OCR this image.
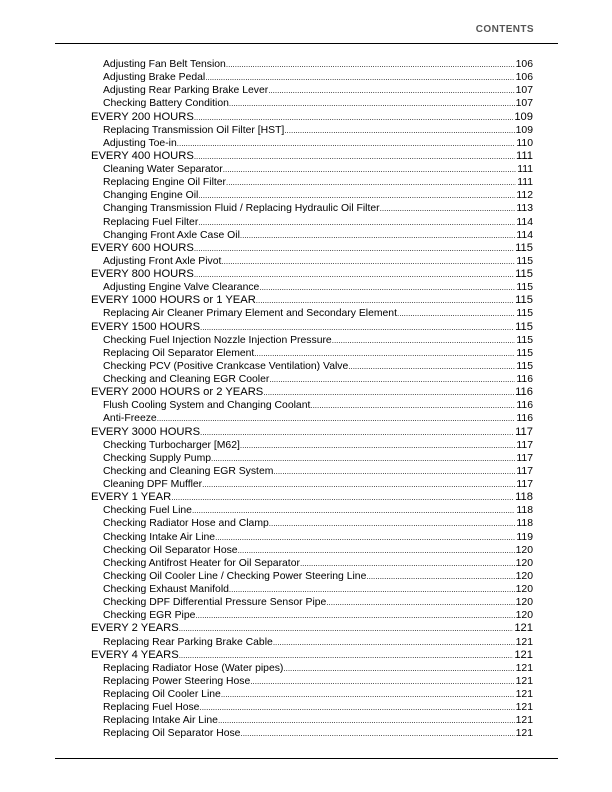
CONTENTS
Adjusting Fan Belt Tension .....	106
Adjusting Brake Pedal .....	106
Adjusting Rear Parking Brake Lever .....	107
Checking Battery Condition .....	107
EVERY 200 HOURS .....	109
Replacing Transmission Oil Filter [HST] .....	109
Adjusting Toe-in .....	110
EVERY 400 HOURS .....	111
Cleaning Water Separator .....	111
Replacing Engine Oil Filter .....	111
Changing Engine Oil .....	112
Changing Transmission Fluid / Replacing Hydraulic Oil Filter .....	113
Replacing Fuel Filter .....	114
Changing Front Axle Case Oil .....	114
EVERY 600 HOURS .....	115
Adjusting Front Axle Pivot .....	115
EVERY 800 HOURS .....	115
Adjusting Engine Valve Clearance .....	115
EVERY 1000 HOURS or 1 YEAR .....	115
Replacing Air Cleaner Primary Element and Secondary Element .....	115
EVERY 1500 HOURS .....	115
Checking Fuel Injection Nozzle Injection Pressure .....	115
Replacing Oil Separator Element .....	115
Checking PCV (Positive Crankcase Ventilation) Valve .....	115
Checking and Cleaning EGR Cooler .....	116
EVERY 2000 HOURS or 2 YEARS .....	116
Flush Cooling System and Changing Coolant .....	116
Anti-Freeze .....	116
EVERY 3000 HOURS .....	117
Checking Turbocharger [M62] .....	117
Checking Supply Pump .....	117
Checking and Cleaning EGR System .....	117
Cleaning DPF Muffler .....	117
EVERY 1 YEAR .....	118
Checking Fuel Line .....	118
Checking Radiator Hose and Clamp .....	118
Checking Intake Air Line .....	119
Checking Oil Separator Hose .....	120
Checking Antifrost Heater for Oil Separator .....	120
Checking Oil Cooler Line / Checking Power Steering Line .....	120
Checking Exhaust Manifold .....	120
Checking DPF Differential Pressure Sensor Pipe .....	120
Checking EGR Pipe .....	120
EVERY 2 YEARS .....	121
Replacing Rear Parking Brake Cable .....	121
EVERY 4 YEARS .....	121
Replacing Radiator Hose (Water pipes) .....	121
Replacing Power Steering Hose .....	121
Replacing Oil Cooler Line .....	121
Replacing Fuel Hose .....	121
Replacing Intake Air Line .....	121
Replacing Oil Separator Hose .....	121
